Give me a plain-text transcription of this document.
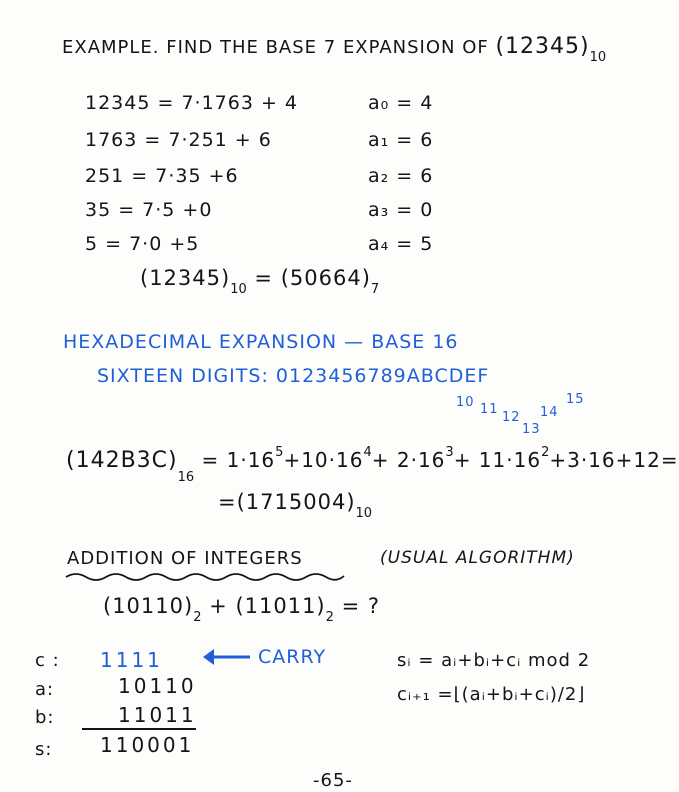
EXAMPLE. FIND THE BASE 7 EXPANSION OF $(12345)_{10}$
12345 = 7·1763 + 4	a₀ = 4
1763 = 7·251 + 6	a₁ = 6
251 = 7·35 +6	a₂ = 6
35 = 7·5 +0	a₃ = 0
5 = 7·0 +5	a₄ = 5
$(12345)_{10} = (50664)_7$
HEXADECIMAL EXPANSION — BASE 16
SIXTEEN DIGITS: 0123456789ABCDEF
10 11
12
13
14
15
$(142B3C)_{16} = 1\cdot 16^5+10\cdot 16^4+ 2\cdot 16^3+ 11\cdot 16^2+3\cdot 16+12=$
$=(1715004)_{10}$
ADDITION OF INTEGERS	(USUAL ALGORITHM)
$(10110)_2 + (11011)_2$ = ?
c : 1111
a:	10110
b:	11011
s: 110001
CARRY	sᵢ = aᵢ+bᵢ+cᵢ mod 2
cᵢ₊₁ =⌊(aᵢ+bᵢ+cᵢ)/2⌋
-65-
